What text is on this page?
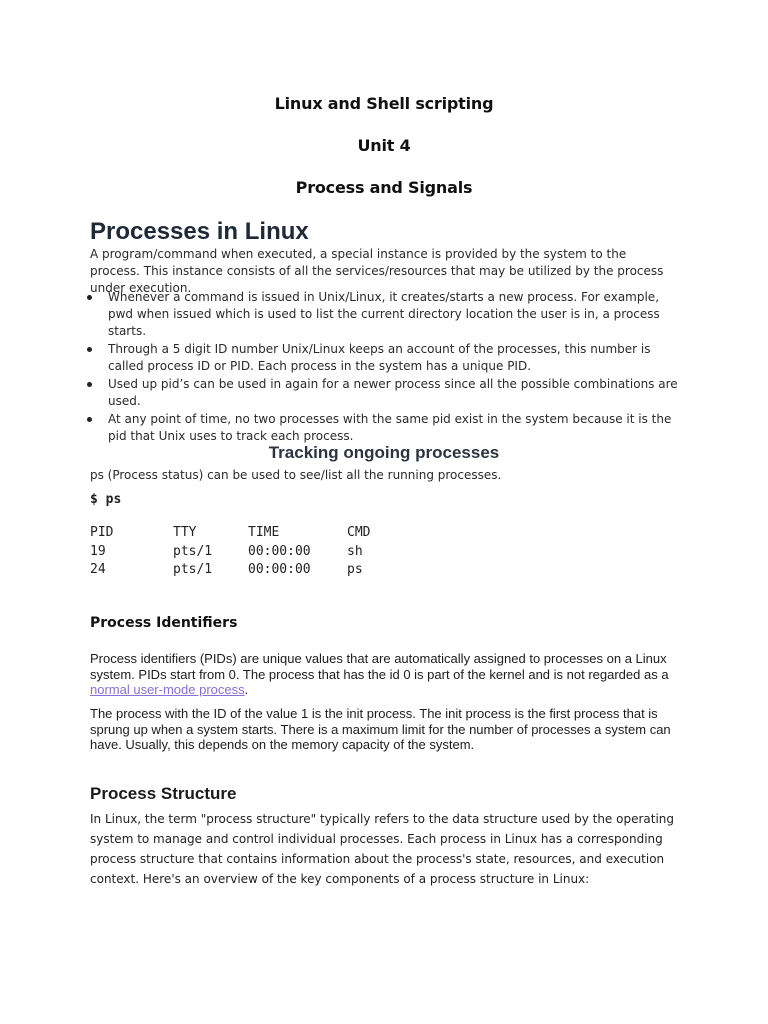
Linux and Shell scripting
Unit 4
Process and Signals
Processes in Linux
A program/command when executed, a special instance is provided by the system to the process. This instance consists of all the services/resources that may be utilized by the process under execution.
Whenever a command is issued in Unix/Linux, it creates/starts a new process. For example, pwd when issued which is used to list the current directory location the user is in, a process starts.
Through a 5 digit ID number Unix/Linux keeps an account of the processes, this number is called process ID or PID. Each process in the system has a unique PID.
Used up pid’s can be used in again for a newer process since all the possible combinations are used.
At any point of time, no two processes with the same pid exist in the system because it is the pid that Unix uses to track each process.
Tracking ongoing processes
ps (Process status) can be used to see/list all the running processes.
$ ps
PID	TTY	TIME	CMD
19	pts/1	00:00:00	sh
24	pts/1	00:00:00	ps
Process Identifiers
Process identifiers (PIDs) are unique values that are automatically assigned to processes on a Linux system. PIDs start from 0. The process that has the id 0 is part of the kernel and is not regarded as a normal user-mode process.
The process with the ID of the value 1 is the init process. The init process is the first process that is sprung up when a system starts. There is a maximum limit for the number of processes a system can have. Usually, this depends on the memory capacity of the system.
Process Structure
In Linux, the term "process structure" typically refers to the data structure used by the operating system to manage and control individual processes. Each process in Linux has a corresponding process structure that contains information about the process's state, resources, and execution context. Here's an overview of the key components of a process structure in Linux:
